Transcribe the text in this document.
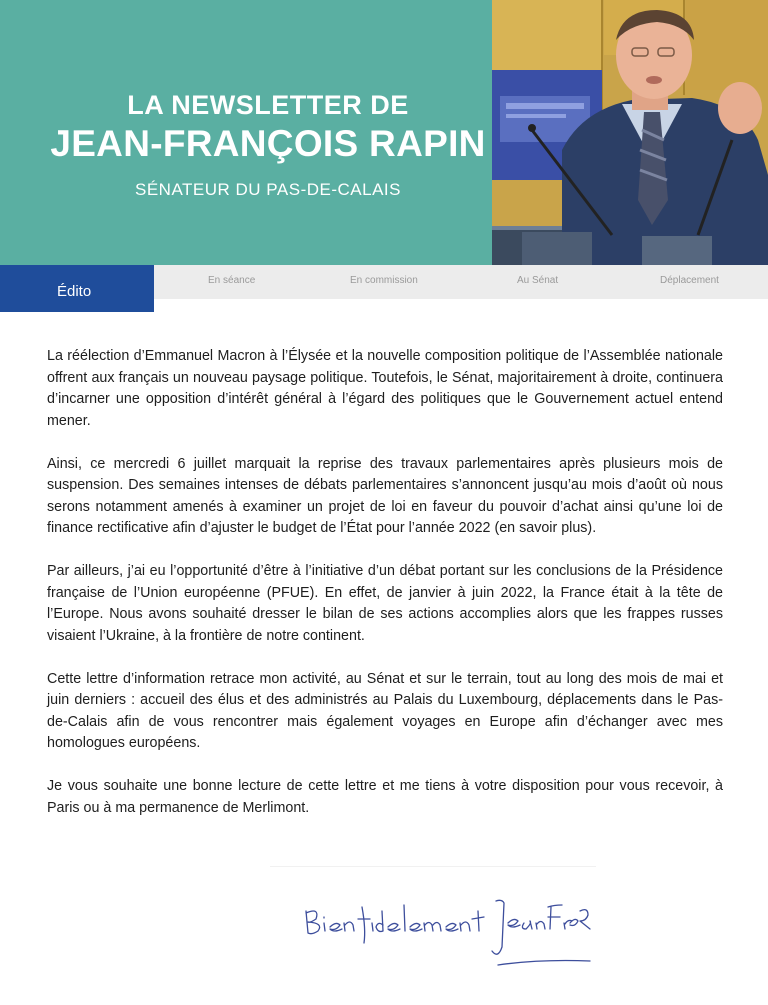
LA NEWSLETTER DE
JEAN-FRANÇOIS RAPIN
SÉNATEUR DU PAS-DE-CALAIS
Édito
En séance	En commission	Au Sénat	Déplacement

La réélection d’Emmanuel Macron à l’Élysée et la nouvelle composition politique de l’Assemblée nationale offrent aux français un nouveau paysage politique. Toutefois, le Sénat, majoritairement à droite, continuera d’incarner une opposition d’intérêt général à l’égard des politiques que le Gouvernement actuel entend mener.

Ainsi, ce mercredi 6 juillet marquait la reprise des travaux parlementaires après plusieurs mois de suspension. Des semaines intenses de débats parlementaires s’annoncent jusqu’au mois d’août où nous serons notamment amenés à examiner un projet de loi en faveur du pouvoir d’achat ainsi qu’une loi de finance rectificative afin d’ajuster le budget de l’État pour l’année 2022 (en savoir plus).

Par ailleurs, j’ai eu l’opportunité d’être à l’initiative d’un débat portant sur les conclusions de la Présidence française de l’Union européenne (PFUE). En effet, de janvier à juin 2022, la France était à la tête de l’Europe. Nous avons souhaité dresser le bilan de ses actions accomplies alors que les frappes russes visaient l’Ukraine, à la frontière de notre continent.

Cette lettre d’information retrace mon activité, au Sénat et sur le terrain, tout au long des mois de mai et juin derniers : accueil des élus et des administrés au Palais du Luxembourg, déplacements dans le Pas-de-Calais afin de vous rencontrer mais également voyages en Europe afin d’échanger avec mes homologues européens.

Je vous souhaite une bonne lecture de cette lettre et me tiens à votre disposition pour vous recevoir, à Paris ou à ma permanence de Merlimont.
